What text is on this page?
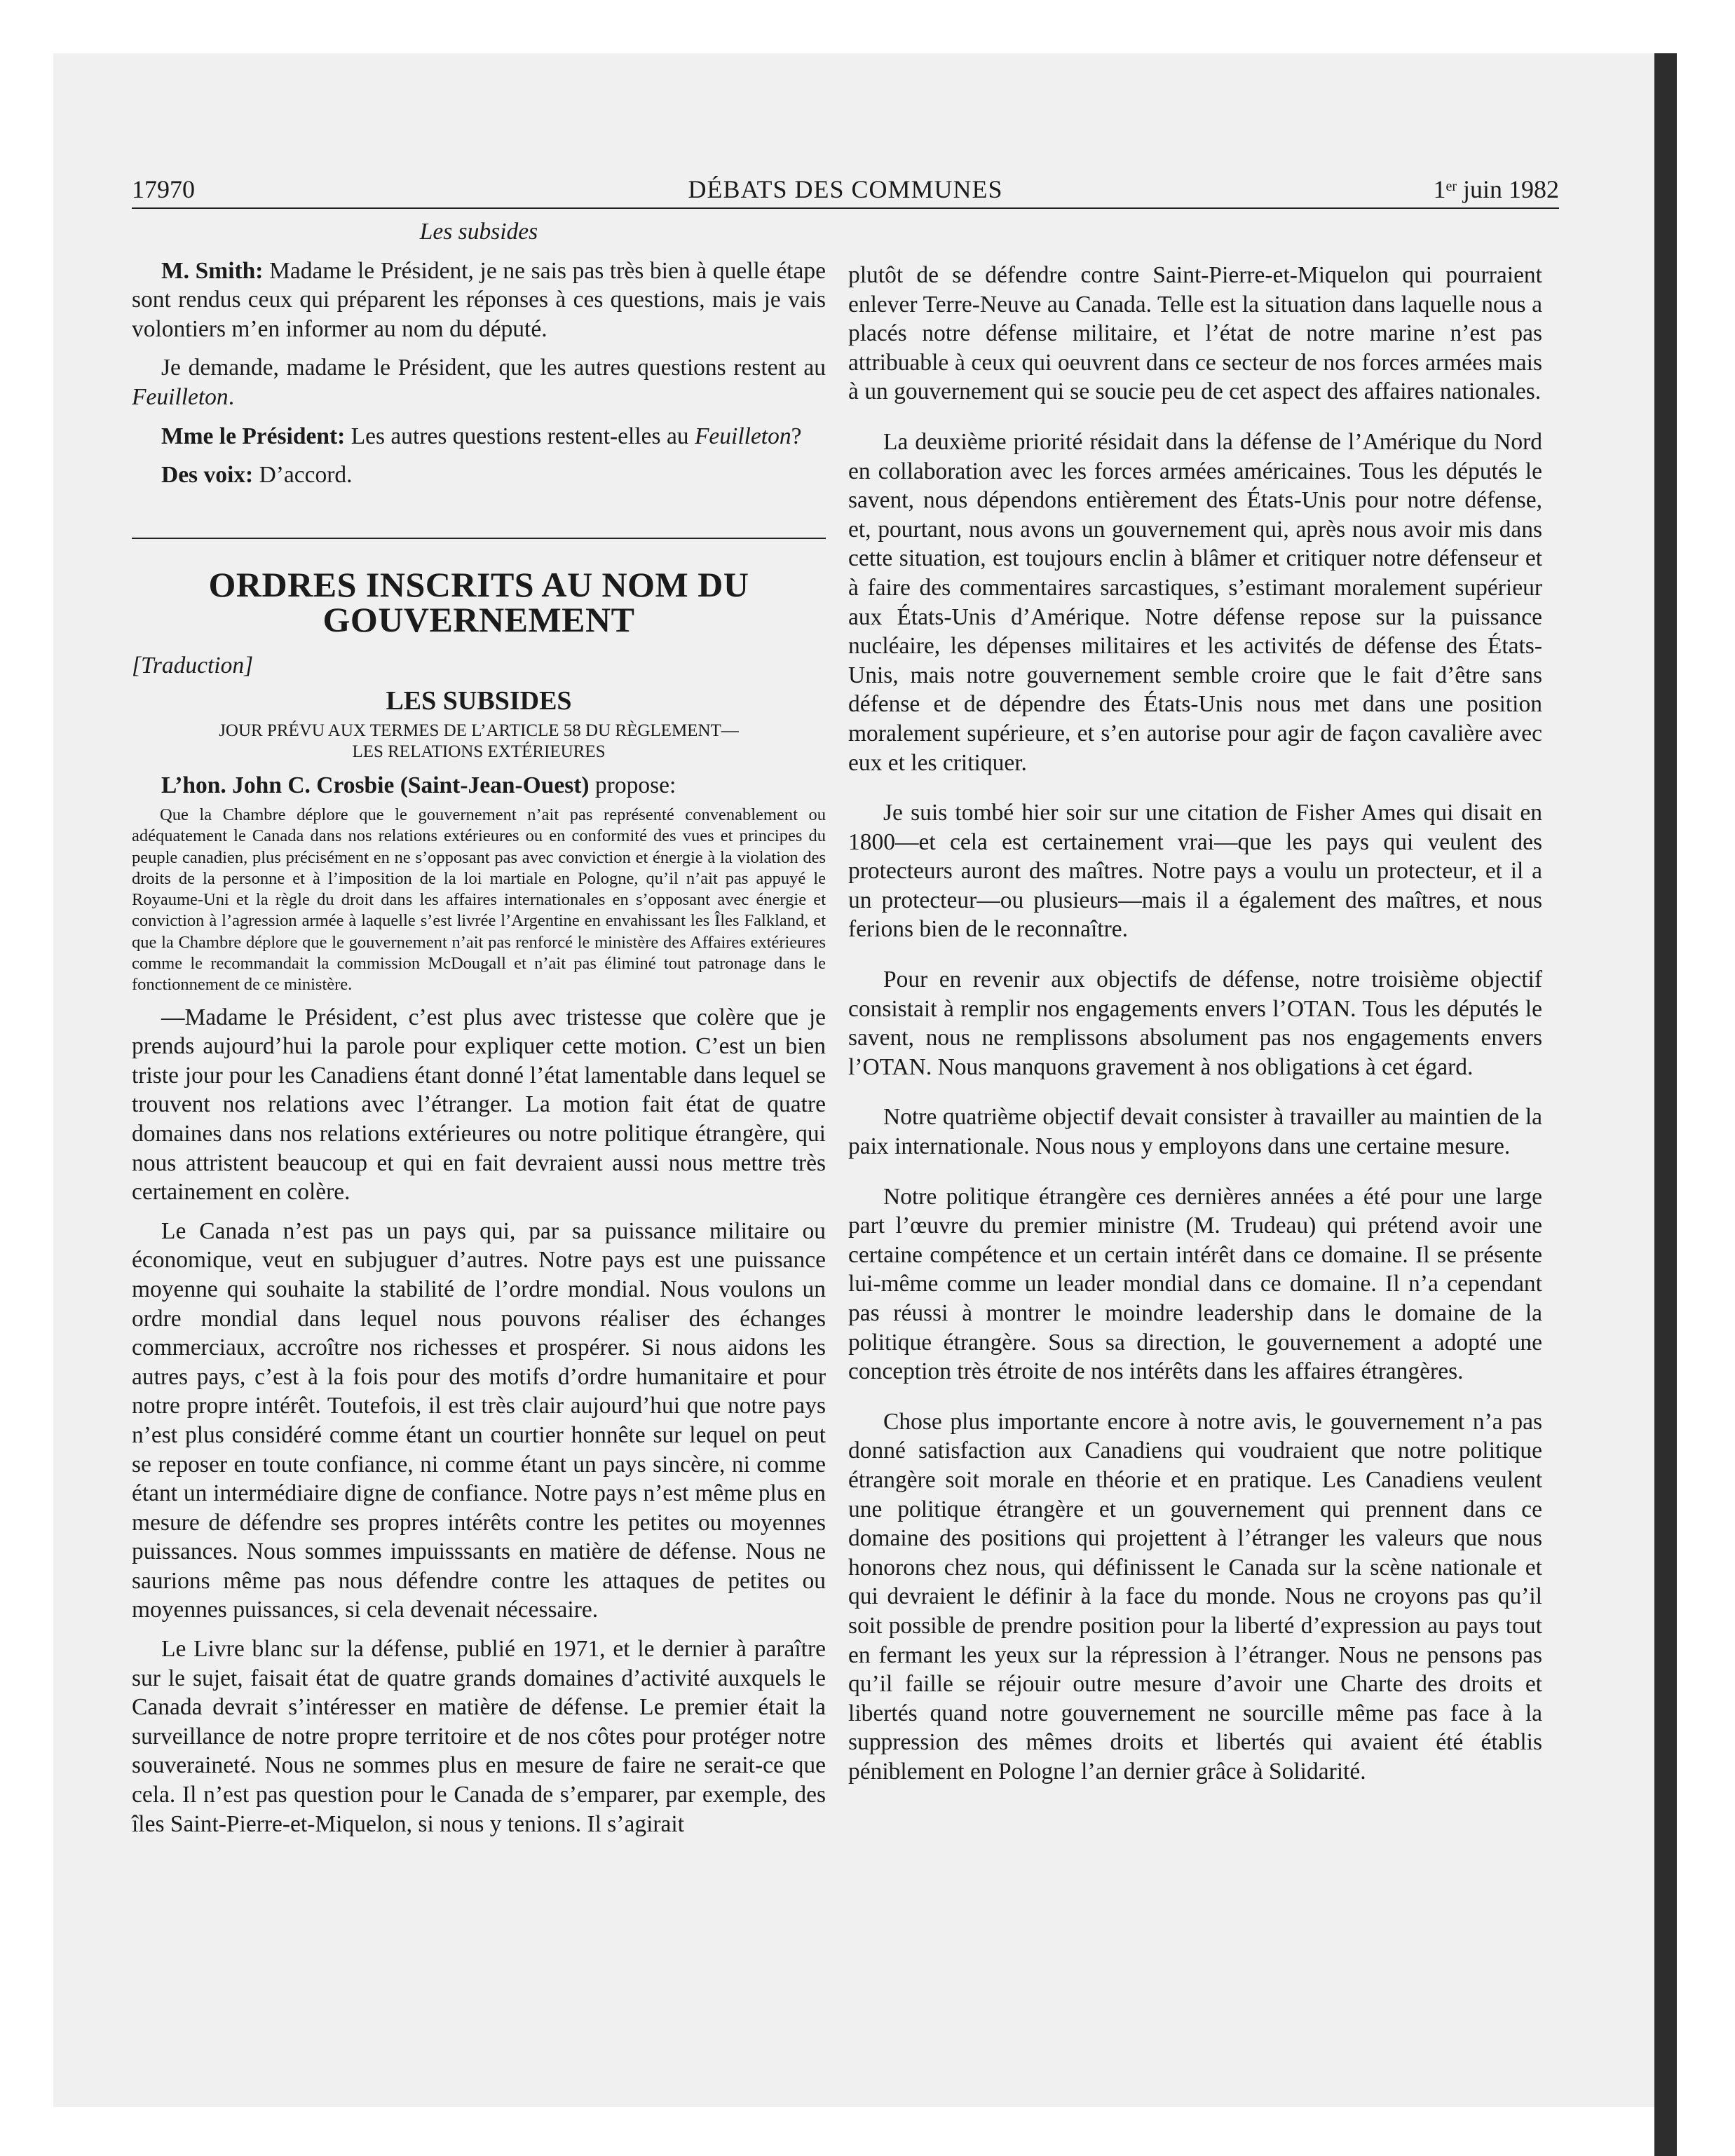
17970	DÉBATS DES COMMUNES	1er juin 1982
Les subsides

M. Smith: Madame le Président, je ne sais pas très bien à quelle étape sont rendus ceux qui préparent les réponses à ces questions, mais je vais volontiers m’en informer au nom du député.

Je demande, madame le Président, que les autres questions restent au Feuilleton.

Mme le Président: Les autres questions restent-elles au Feuilleton?

Des voix: D’accord.

ORDRES INSCRITS AU NOM DU
GOUVERNEMENT
[Traduction]
LES SUBSIDES
JOUR PRÉVU AUX TERMES DE L’ARTICLE 58 DU RÈGLEMENT—
LES RELATIONS EXTÉRIEURES

L’hon. John C. Crosbie (Saint-Jean-Ouest) propose:

Que la Chambre déplore que le gouvernement n’ait pas représenté convenablement ou adéquatement le Canada dans nos relations extérieures ou en conformité des vues et principes du peuple canadien, plus précisément en ne s’opposant pas avec conviction et énergie à la violation des droits de la personne et à l’imposition de la loi martiale en Pologne, qu’il n’ait pas appuyé le Royaume-Uni et la règle du droit dans les affaires internationales en s’opposant avec énergie et conviction à l’agression armée à laquelle s’est livrée l’Argentine en envahissant les Îles Falkland, et que la Chambre déplore que le gouvernement n’ait pas renforcé le ministère des Affaires extérieures comme le recommandait la commission McDougall et n’ait pas éliminé tout patronage dans le fonctionnement de ce ministère.

—Madame le Président, c’est plus avec tristesse que colère que je prends aujourd’hui la parole pour expliquer cette motion. C’est un bien triste jour pour les Canadiens étant donné l’état lamentable dans lequel se trouvent nos relations avec l’étranger. La motion fait état de quatre domaines dans nos relations extérieures ou notre politique étrangère, qui nous attristent beaucoup et qui en fait devraient aussi nous mettre très certainement en colère.

Le Canada n’est pas un pays qui, par sa puissance militaire ou économique, veut en subjuguer d’autres. Notre pays est une puissance moyenne qui souhaite la stabilité de l’ordre mondial. Nous voulons un ordre mondial dans lequel nous pouvons réaliser des échanges commerciaux, accroître nos richesses et prospérer. Si nous aidons les autres pays, c’est à la fois pour des motifs d’ordre humanitaire et pour notre propre intérêt. Toutefois, il est très clair aujourd’hui que notre pays n’est plus considéré comme étant un courtier honnête sur lequel on peut se reposer en toute confiance, ni comme étant un pays sincère, ni comme étant un intermédiaire digne de confiance. Notre pays n’est même plus en mesure de défendre ses propres intérêts contre les petites ou moyennes puissances. Nous sommes impuisssants en matière de défense. Nous ne saurions même pas nous défendre contre les attaques de petites ou moyennes puissances, si cela devenait nécessaire.

Le Livre blanc sur la défense, publié en 1971, et le dernier à paraître sur le sujet, faisait état de quatre grands domaines d’activité auxquels le Canada devrait s’intéresser en matière de défense. Le premier était la surveillance de notre propre territoire et de nos côtes pour protéger notre souveraineté. Nous ne sommes plus en mesure de faire ne serait-ce que cela. Il n’est pas question pour le Canada de s’emparer, par exemple, des îles Saint-Pierre-et-Miquelon, si nous y tenions. Il s’agirait

plutôt de se défendre contre Saint-Pierre-et-Miquelon qui pourraient enlever Terre-Neuve au Canada. Telle est la situation dans laquelle nous a placés notre défense militaire, et l’état de notre marine n’est pas attribuable à ceux qui oeuvrent dans ce secteur de nos forces armées mais à un gouvernement qui se soucie peu de cet aspect des affaires nationales.

La deuxième priorité résidait dans la défense de l’Amérique du Nord en collaboration avec les forces armées américaines. Tous les députés le savent, nous dépendons entièrement des États-Unis pour notre défense, et, pourtant, nous avons un gouvernement qui, après nous avoir mis dans cette situation, est toujours enclin à blâmer et critiquer notre défenseur et à faire des commentaires sarcastiques, s’estimant moralement supérieur aux États-Unis d’Amérique. Notre défense repose sur la puissance nucléaire, les dépenses militaires et les activités de défense des États-Unis, mais notre gouvernement semble croire que le fait d’être sans défense et de dépendre des États-Unis nous met dans une position moralement supérieure, et s’en autorise pour agir de façon cavalière avec eux et les critiquer.

Je suis tombé hier soir sur une citation de Fisher Ames qui disait en 1800—et cela est certainement vrai—que les pays qui veulent des protecteurs auront des maîtres. Notre pays a voulu un protecteur, et il a un protecteur—ou plusieurs—mais il a également des maîtres, et nous ferions bien de le reconnaître.

Pour en revenir aux objectifs de défense, notre troisième objectif consistait à remplir nos engagements envers l’OTAN. Tous les députés le savent, nous ne remplissons absolument pas nos engagements envers l’OTAN. Nous manquons gravement à nos obligations à cet égard.

Notre quatrième objectif devait consister à travailler au maintien de la paix internationale. Nous nous y employons dans une certaine mesure.

Notre politique étrangère ces dernières années a été pour une large part l’œuvre du premier ministre (M. Trudeau) qui prétend avoir une certaine compétence et un certain intérêt dans ce domaine. Il se présente lui-même comme un leader mondial dans ce domaine. Il n’a cependant pas réussi à montrer le moindre leadership dans le domaine de la politique étrangère. Sous sa direction, le gouvernement a adopté une conception très étroite de nos intérêts dans les affaires étrangères.

Chose plus importante encore à notre avis, le gouvernement n’a pas donné satisfaction aux Canadiens qui voudraient que notre politique étrangère soit morale en théorie et en pratique. Les Canadiens veulent une politique étrangère et un gouvernement qui prennent dans ce domaine des positions qui projettent à l’étranger les valeurs que nous honorons chez nous, qui définissent le Canada sur la scène nationale et qui devraient le définir à la face du monde. Nous ne croyons pas qu’il soit possible de prendre position pour la liberté d’expression au pays tout en fermant les yeux sur la répression à l’étranger. Nous ne pensons pas qu’il faille se réjouir outre mesure d’avoir une Charte des droits et libertés quand notre gouvernement ne sourcille même pas face à la suppression des mêmes droits et libertés qui avaient été établis péniblement en Pologne l’an dernier grâce à Solidarité.
